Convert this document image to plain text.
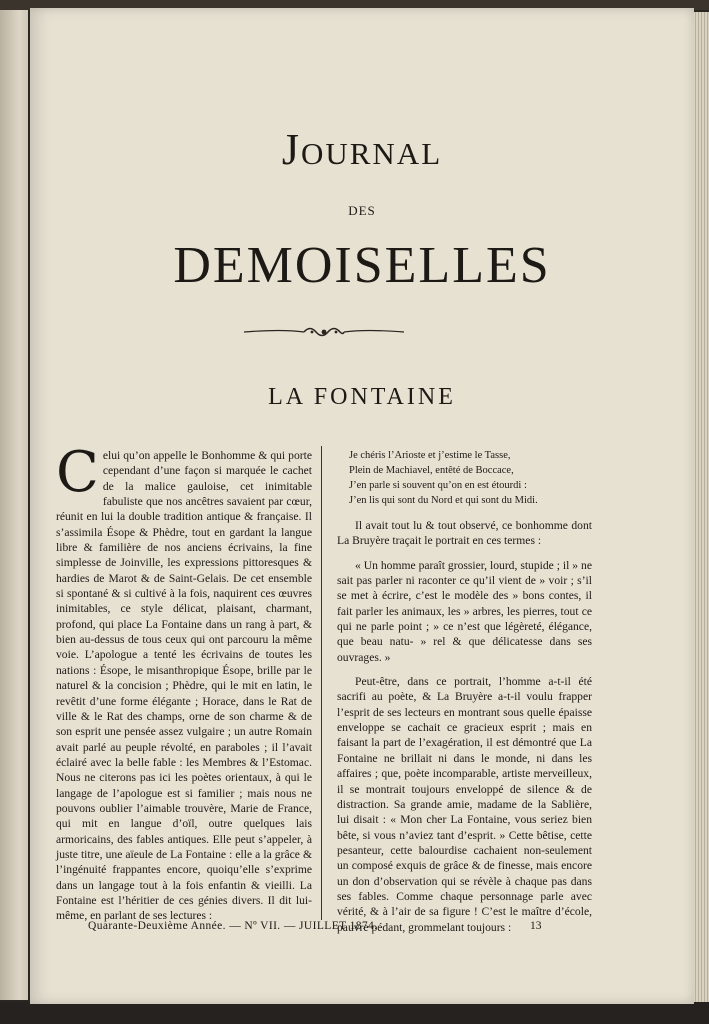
Journal
DES
DEMOISELLES
LA FONTAINE

Celui qu’on appelle le Bonhomme & qui porte cependant d’une façon si marquée le cachet de la malice gauloise, cet inimitable fabuliste que nos ancêtres savaient par cœur, réunit en lui la double tradition antique & française. Il s’assimila Ésope & Phèdre, tout en gardant la langue libre & familière de nos anciens écrivains, la fine simplesse de Joinville, les expressions pittoresques & hardies de Marot & de Saint-Gelais. De cet ensemble si spontané & si cultivé à la fois, naquirent ces œuvres inimitables, ce style délicat, plaisant, charmant, profond, qui place La Fontaine dans un rang à part, & bien au-dessus de tous ceux qui ont parcouru la même voie. L’apologue a tenté les écrivains de toutes les nations : Ésope, le misanthropique Ésope, brille par le naturel & la concision ; Phèdre, qui le mit en latin, le revêtit d’une forme élégante ; Horace, dans le Rat de ville & le Rat des champs, orne de son charme & de son esprit une pensée assez vulgaire ; un autre Romain avait parlé au peuple révolté, en paraboles ; il l’avait éclairé avec la belle fable : les Membres & l’Estomac. Nous ne citerons pas ici les poètes orientaux, à qui le langage de l’apologue est si familier ; mais nous ne pouvons oublier l’aimable trouvère, Marie de France, qui mit en langue d’oïl, outre quelques lais armoricains, des fables antiques. Elle peut s’appeler, à juste titre, une aïeule de La Fontaine : elle a la grâce & l’ingénuité frappantes encore, quoiqu’elle s’exprime dans un langage tout à la fois enfantin & vieilli. La Fontaine est l’héritier de ces génies divers. Il dit lui-même, en parlant de ses lectures :

Je chéris l’Arioste et j’estime le Tasse,
Plein de Machiavel, entêté de Boccace,
J’en parle si souvent qu’on en est étourdi :
J’en lis qui sont du Nord et qui sont du Midi.

Il avait tout lu & tout observé, ce bonhomme dont La Bruyère traçait le portrait en ces termes :

« Un homme paraît grossier, lourd, stupide ; il » ne sait pas parler ni raconter ce qu’il vient de » voir ; s’il se met à écrire, c’est le modèle des » bons contes, il fait parler les animaux, les » arbres, les pierres, tout ce qui ne parle point ; » ce n’est que légèreté, élégance, que beau natu- » rel & que délicatesse dans ses ouvrages. »

Peut-être, dans ce portrait, l’homme a-t-il été sacrifi au poète, & La Bruyère a-t-il voulu frapper l’esprit de ses lecteurs en montrant sous quelle épaisse enveloppe se cachait ce gracieux esprit ; mais en faisant la part de l’exagération, il est démontré que La Fontaine ne brillait ni dans le monde, ni dans les affaires ; que, poète incomparable, artiste merveilleux, il se montrait toujours enveloppé de silence & de distraction. Sa grande amie, madame de la Sablière, lui disait : « Mon cher La Fontaine, vous seriez bien bête, si vous n’aviez tant d’esprit. » Cette bêtise, cette pesanteur, cette balourdise cachaient non-seulement un composé exquis de grâce & de finesse, mais encore un don d’observation qui se révèle à chaque pas dans ses fables. Comme chaque personnage parle avec vérité, & à l’air de sa figure ! C’est le maître d’école, pauvre pédant, grommelant toujours :

Quarante-Deuxième Année. — Nº VII. — JUILLET 1874.	13
